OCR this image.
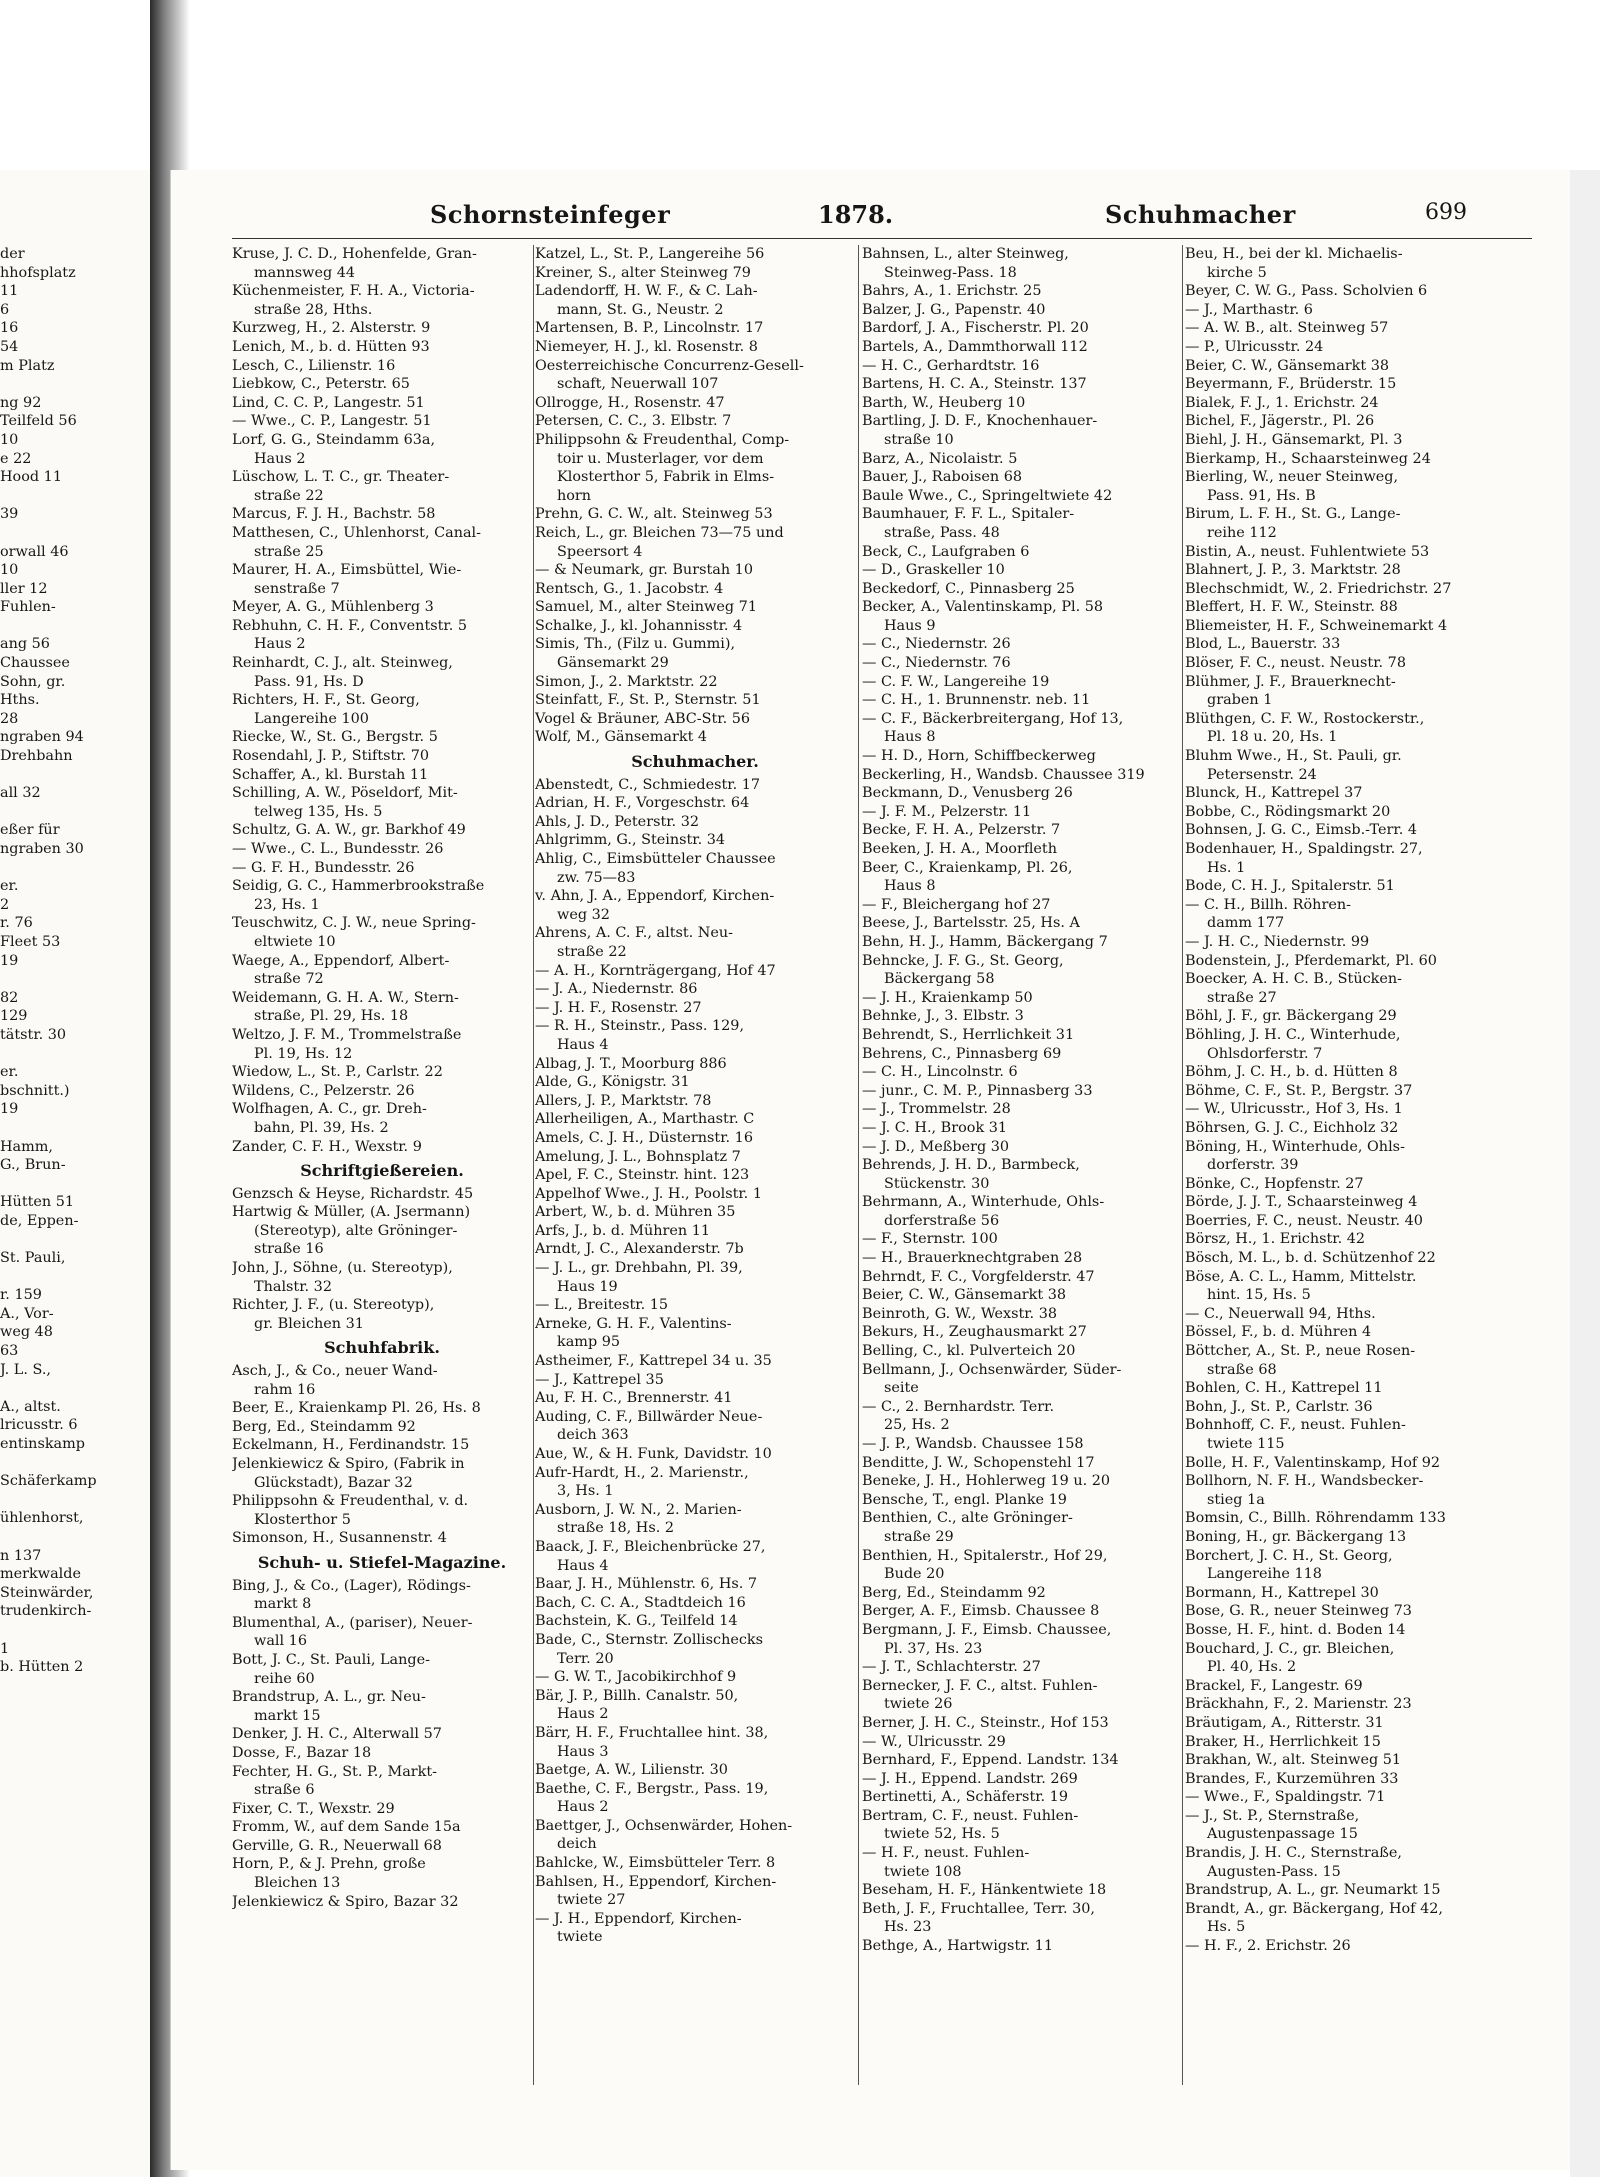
Schornsteinfeger	1878.	Schuhmacher	699

der

hhofsplatz

11

6

16

54

m Platz

ng 92

Teilfeld 56

10

e 22

Hood 11

39

orwall 46

10

ller 12

Fuhlen-

ang 56

Chaussee

Sohn, gr.

Hths.

28

ngraben 94

Drehbahn

all 32

eßer für

ngraben 30

er.

2

r. 76

Fleet 53

19

82

129

tätstr. 30

er.

bschnitt.)

19

Hamm,

G., Brun-

Hütten 51

de, Eppen-

St. Pauli,

r. 159

A., Vor-

weg 48

63

J. L. S.,

A., altst.

lricusstr. 6

entinskamp

Schäferkamp

ühlenhorst,

n 137

merkwalde

Steinwärder,

trudenkirch-

1

b. Hütten 2

Kruse, J. C. D., Hohenfelde, Gran-

mannsweg 44

Küchenmeister, F. H. A., Victoria-

straße 28, Hths.

Kurzweg, H., 2. Alsterstr. 9

Lenich, M., b. d. Hütten 93

Lesch, C., Lilienstr. 16

Liebkow, C., Peterstr. 65

Lind, C. C. P., Langestr. 51

— Wwe., C. P., Langestr. 51

Lorf, G. G., Steindamm 63a,

Haus 2

Lüschow, L. T. C., gr. Theater-

straße 22

Marcus, F. J. H., Bachstr. 58

Matthesen, C., Uhlenhorst, Canal-

straße 25

Maurer, H. A., Eimsbüttel, Wie-

senstraße 7

Meyer, A. G., Mühlenberg 3

Rebhuhn, C. H. F., Conventstr. 5

Haus 2

Reinhardt, C. J., alt. Steinweg,

Pass. 91, Hs. D

Richters, H. F., St. Georg,

Langereihe 100

Riecke, W., St. G., Bergstr. 5

Rosendahl, J. P., Stiftstr. 70

Schaffer, A., kl. Burstah 11

Schilling, A. W., Pöseldorf, Mit-

telweg 135, Hs. 5

Schultz, G. A. W., gr. Barkhof 49

— Wwe., C. L., Bundesstr. 26

— G. F. H., Bundesstr. 26

Seidig, G. C., Hammerbrookstraße

23, Hs. 1

Teuschwitz, C. J. W., neue Spring-

eltwiete 10

Waege, A., Eppendorf, Albert-

straße 72

Weidemann, G. H. A. W., Stern-

straße, Pl. 29, Hs. 18

Weltzo, J. F. M., Trommelstraße

Pl. 19, Hs. 12

Wiedow, L., St. P., Carlstr. 22

Wildens, C., Pelzerstr. 26

Wolfhagen, A. C., gr. Dreh-

bahn, Pl. 39, Hs. 2

Zander, C. F. H., Wexstr. 9

Schriftgießereien.

Genzsch & Heyse, Richardstr. 45

Hartwig & Müller, (A. Jsermann)

(Stereotyp), alte Gröninger-

straße 16

John, J., Söhne, (u. Stereotyp),

Thalstr. 32

Richter, J. F., (u. Stereotyp),

gr. Bleichen 31

Schuhfabrik.

Asch, J., & Co., neuer Wand-

rahm 16

Beer, E., Kraienkamp Pl. 26, Hs. 8

Berg, Ed., Steindamm 92

Eckelmann, H., Ferdinandstr. 15

Jelenkiewicz & Spiro, (Fabrik in

Glückstadt), Bazar 32

Philippsohn & Freudenthal, v. d.

Klosterthor 5

Simonson, H., Susannenstr. 4

Schuh- u. Stiefel-Magazine.

Bing, J., & Co., (Lager), Rödings-

markt 8

Blumenthal, A., (pariser), Neuer-

wall 16

Bott, J. C., St. Pauli, Lange-

reihe 60

Brandstrup, A. L., gr. Neu-

markt 15

Denker, J. H. C., Alterwall 57

Dosse, F., Bazar 18

Fechter, H. G., St. P., Markt-

straße 6

Fixer, C. T., Wexstr. 29

Fromm, W., auf dem Sande 15a

Gerville, G. R., Neuerwall 68

Horn, P., & J. Prehn, große

Bleichen 13

Jelenkiewicz & Spiro, Bazar 32

Katzel, L., St. P., Langereihe 56

Kreiner, S., alter Steinweg 79

Ladendorff, H. W. F., & C. Lah-

mann, St. G., Neustr. 2

Martensen, B. P., Lincolnstr. 17

Niemeyer, H. J., kl. Rosenstr. 8

Oesterreichische Concurrenz-Gesell-

schaft, Neuerwall 107

Ollrogge, H., Rosenstr. 47

Petersen, C. C., 3. Elbstr. 7

Philippsohn & Freudenthal, Comp-

toir u. Musterlager, vor dem

Klosterthor 5, Fabrik in Elms-

horn

Prehn, G. C. W., alt. Steinweg 53

Reich, L., gr. Bleichen 73—75 und

Speersort 4

— & Neumark, gr. Burstah 10

Rentsch, G., 1. Jacobstr. 4

Samuel, M., alter Steinweg 71

Schalke, J., kl. Johannisstr. 4

Simis, Th., (Filz u. Gummi),

Gänsemarkt 29

Simon, J., 2. Marktstr. 22

Steinfatt, F., St. P., Sternstr. 51

Vogel & Bräuner, ABC-Str. 56

Wolf, M., Gänsemarkt 4

Schuhmacher.

Abenstedt, C., Schmiedestr. 17

Adrian, H. F., Vorgeschstr. 64

Ahls, J. D., Peterstr. 32

Ahlgrimm, G., Steinstr. 34

Ahlig, C., Eimsbütteler Chaussee

zw. 75—83

v. Ahn, J. A., Eppendorf, Kirchen-

weg 32

Ahrens, A. C. F., altst. Neu-

straße 22

— A. H., Kornträgergang, Hof 47

— J. A., Niedernstr. 86

— J. H. F., Rosenstr. 27

— R. H., Steinstr., Pass. 129,

Haus 4

Albag, J. T., Moorburg 886

Alde, G., Königstr. 31

Allers, J. P., Marktstr. 78

Allerheiligen, A., Marthastr. C

Amels, C. J. H., Düsternstr. 16

Amelung, J. L., Bohnsplatz 7

Apel, F. C., Steinstr. hint. 123

Appelhof Wwe., J. H., Poolstr. 1

Arbert, W., b. d. Mühren 35

Arfs, J., b. d. Mühren 11

Arndt, J. C., Alexanderstr. 7b

— J. L., gr. Drehbahn, Pl. 39,

Haus 19

— L., Breitestr. 15

Arneke, G. H. F., Valentins-

kamp 95

Astheimer, F., Kattrepel 34 u. 35

— J., Kattrepel 35

Au, F. H. C., Brennerstr. 41

Auding, C. F., Billwärder Neue-

deich 363

Aue, W., & H. Funk, Davidstr. 10

Aufr-Hardt, H., 2. Marienstr.,

3, Hs. 1

Ausborn, J. W. N., 2. Marien-

straße 18, Hs. 2

Baack, J. F., Bleichenbrücke 27,

Haus 4

Baar, J. H., Mühlenstr. 6, Hs. 7

Bach, C. C. A., Stadtdeich 16

Bachstein, K. G., Teilfeld 14

Bade, C., Sternstr. Zollischecks

Terr. 20

— G. W. T., Jacobikirchhof 9

Bär, J. P., Billh. Canalstr. 50,

Haus 2

Bärr, H. F., Fruchtallee hint. 38,

Haus 3

Baetge, A. W., Lilienstr. 30

Baethe, C. F., Bergstr., Pass. 19,

Haus 2

Baettger, J., Ochsenwärder, Hohen-

deich

Bahlcke, W., Eimsbütteler Terr. 8

Bahlsen, H., Eppendorf, Kirchen-

twiete 27

— J. H., Eppendorf, Kirchen-

twiete

Bahnsen, L., alter Steinweg,

Steinweg-Pass. 18

Bahrs, A., 1. Erichstr. 25

Balzer, J. G., Papenstr. 40

Bardorf, J. A., Fischerstr. Pl. 20

Bartels, A., Dammthorwall 112

— H. C., Gerhardtstr. 16

Bartens, H. C. A., Steinstr. 137

Barth, W., Heuberg 10

Bartling, J. D. F., Knochenhauer-

straße 10

Barz, A., Nicolaistr. 5

Bauer, J., Raboisen 68

Baule Wwe., C., Springeltwiete 42

Baumhauer, F. F. L., Spitaler-

straße, Pass. 48

Beck, C., Laufgraben 6

— D., Graskeller 10

Beckedorf, C., Pinnasberg 25

Becker, A., Valentinskamp, Pl. 58

Haus 9

— C., Niedernstr. 26

— C., Niedernstr. 76

— C. F. W., Langereihe 19

— C. H., 1. Brunnenstr. neb. 11

— C. F., Bäckerbreitergang, Hof 13,

Haus 8

— H. D., Horn, Schiffbeckerweg

Beckerling, H., Wandsb. Chaussee 319

Beckmann, D., Venusberg 26

— J. F. M., Pelzerstr. 11

Becke, F. H. A., Pelzerstr. 7

Beeken, J. H. A., Moorfleth

Beer, C., Kraienkamp, Pl. 26,

Haus 8

— F., Bleichergang hof 27

Beese, J., Bartelsstr. 25, Hs. A

Behn, H. J., Hamm, Bäckergang 7

Behncke, J. F. G., St. Georg,

Bäckergang 58

— J. H., Kraienkamp 50

Behnke, J., 3. Elbstr. 3

Behrendt, S., Herrlichkeit 31

Behrens, C., Pinnasberg 69

— C. H., Lincolnstr. 6

— junr., C. M. P., Pinnasberg 33

— J., Trommelstr. 28

— J. C. H., Brook 31

— J. D., Meßberg 30

Behrends, J. H. D., Barmbeck,

Stückenstr. 30

Behrmann, A., Winterhude, Ohls-

dorferstraße 56

— F., Sternstr. 100

— H., Brauerknechtgraben 28

Behrndt, F. C., Vorgfelderstr. 47

Beier, C. W., Gänsemarkt 38

Beinroth, G. W., Wexstr. 38

Bekurs, H., Zeughausmarkt 27

Belling, C., kl. Pulverteich 20

Bellmann, J., Ochsenwärder, Süder-

seite

— C., 2. Bernhardstr. Terr.

25, Hs. 2

— J. P., Wandsb. Chaussee 158

Benditte, J. W., Schopenstehl 17

Beneke, J. H., Hohlerweg 19 u. 20

Bensche, T., engl. Planke 19

Benthien, C., alte Gröninger-

straße 29

Benthien, H., Spitalerstr., Hof 29,

Bude 20

Berg, Ed., Steindamm 92

Berger, A. F., Eimsb. Chaussee 8

Bergmann, J. F., Eimsb. Chaussee,

Pl. 37, Hs. 23

— J. T., Schlachterstr. 27

Bernecker, J. F. C., altst. Fuhlen-

twiete 26

Berner, J. H. C., Steinstr., Hof 153

— W., Ulricusstr. 29

Bernhard, F., Eppend. Landstr. 134

— J. H., Eppend. Landstr. 269

Bertinetti, A., Schäferstr. 19

Bertram, C. F., neust. Fuhlen-

twiete 52, Hs. 5

— H. F., neust. Fuhlen-

twiete 108

Beseham, H. F., Hänkentwiete 18

Beth, J. F., Fruchtallee, Terr. 30,

Hs. 23

Bethge, A., Hartwigstr. 11

Beu, H., bei der kl. Michaelis-

kirche 5

Beyer, C. W. G., Pass. Scholvien 6

— J., Marthastr. 6

— A. W. B., alt. Steinweg 57

— P., Ulricusstr. 24

Beier, C. W., Gänsemarkt 38

Beyermann, F., Brüderstr. 15

Bialek, F. J., 1. Erichstr. 24

Bichel, F., Jägerstr., Pl. 26

Biehl, J. H., Gänsemarkt, Pl. 3

Bierkamp, H., Schaarsteinweg 24

Bierling, W., neuer Steinweg,

Pass. 91, Hs. B

Birum, L. F. H., St. G., Lange-

reihe 112

Bistin, A., neust. Fuhlentwiete 53

Blahnert, J. P., 3. Marktstr. 28

Blechschmidt, W., 2. Friedrichstr. 27

Bleffert, H. F. W., Steinstr. 88

Bliemeister, H. F., Schweinemarkt 4

Blod, L., Bauerstr. 33

Blöser, F. C., neust. Neustr. 78

Blühmer, J. F., Brauerknecht-

graben 1

Blüthgen, C. F. W., Rostockerstr.,

Pl. 18 u. 20, Hs. 1

Bluhm Wwe., H., St. Pauli, gr.

Petersenstr. 24

Blunck, H., Kattrepel 37

Bobbe, C., Rödingsmarkt 20

Bohnsen, J. G. C., Eimsb.-Terr. 4

Bodenhauer, H., Spaldingstr. 27,

Hs. 1

Bode, C. H. J., Spitalerstr. 51

— C. H., Billh. Röhren-

damm 177

— J. H. C., Niedernstr. 99

Bodenstein, J., Pferdemarkt, Pl. 60

Boecker, A. H. C. B., Stücken-

straße 27

Böhl, J. F., gr. Bäckergang 29

Böhling, J. H. C., Winterhude,

Ohlsdorferstr. 7

Böhm, J. C. H., b. d. Hütten 8

Böhme, C. F., St. P., Bergstr. 37

— W., Ulricusstr., Hof 3, Hs. 1

Böhrsen, G. J. C., Eichholz 32

Böning, H., Winterhude, Ohls-

dorferstr. 39

Bönke, C., Hopfenstr. 27

Börde, J. J. T., Schaarsteinweg 4

Boerries, F. C., neust. Neustr. 40

Börsz, H., 1. Erichstr. 42

Bösch, M. L., b. d. Schützenhof 22

Böse, A. C. L., Hamm, Mittelstr.

hint. 15, Hs. 5

— C., Neuerwall 94, Hths.

Bössel, F., b. d. Mühren 4

Böttcher, A., St. P., neue Rosen-

straße 68

Bohlen, C. H., Kattrepel 11

Bohn, J., St. P., Carlstr. 36

Bohnhoff, C. F., neust. Fuhlen-

twiete 115

Bolle, H. F., Valentinskamp, Hof 92

Bollhorn, N. F. H., Wandsbecker-

stieg 1a

Bomsin, C., Billh. Röhrendamm 133

Boning, H., gr. Bäckergang 13

Borchert, J. C. H., St. Georg,

Langereihe 118

Bormann, H., Kattrepel 30

Bose, G. R., neuer Steinweg 73

Bosse, H. F., hint. d. Boden 14

Bouchard, J. C., gr. Bleichen,

Pl. 40, Hs. 2

Brackel, F., Langestr. 69

Bräckhahn, F., 2. Marienstr. 23

Bräutigam, A., Ritterstr. 31

Braker, H., Herrlichkeit 15

Brakhan, W., alt. Steinweg 51

Brandes, F., Kurzemühren 33

— Wwe., F., Spaldingstr. 71

— J., St. P., Sternstraße,

Augustenpassage 15

Brandis, J. H. C., Sternstraße,

Augusten-Pass. 15

Brandstrup, A. L., gr. Neumarkt 15

Brandt, A., gr. Bäckergang, Hof 42,

Hs. 5

— H. F., 2. Erichstr. 26
